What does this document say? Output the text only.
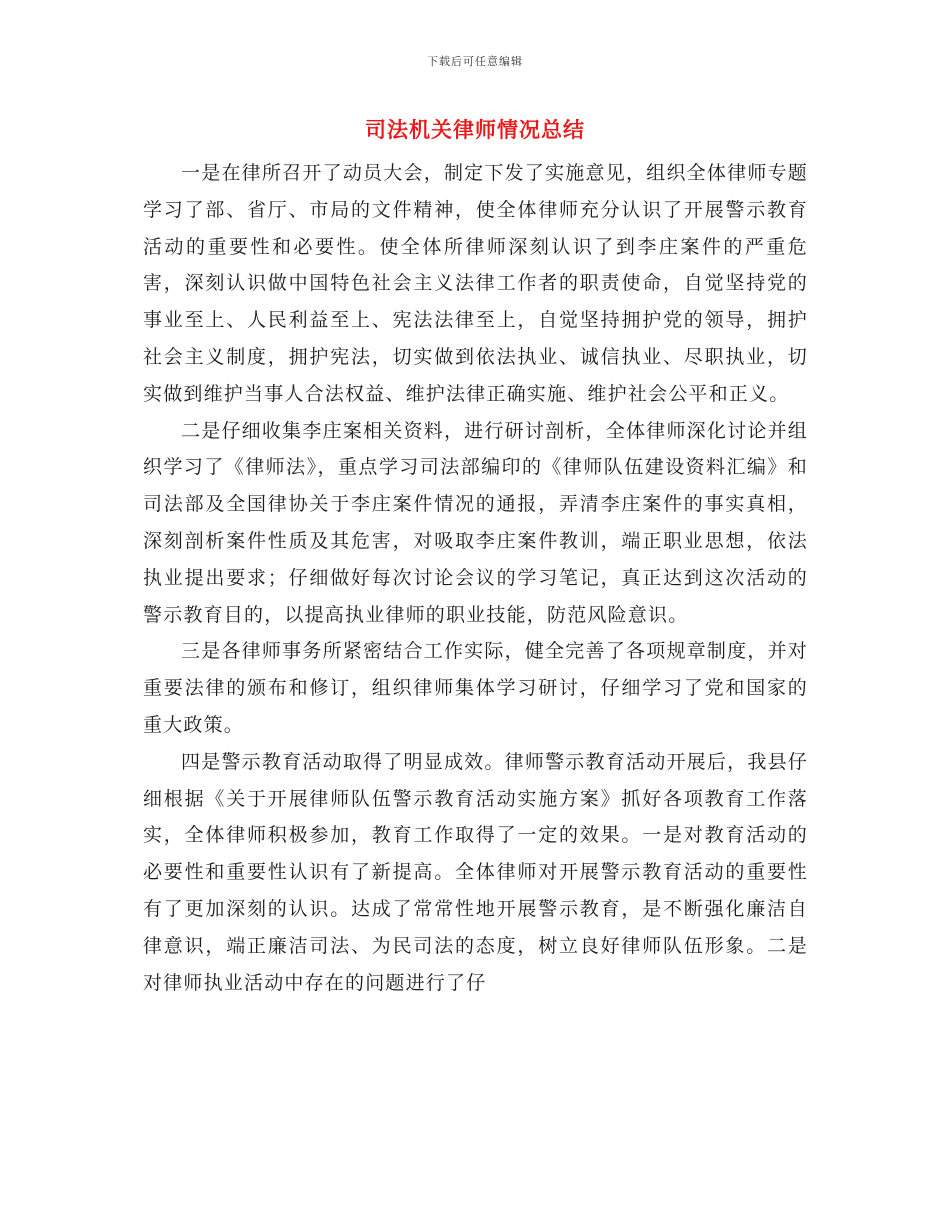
下载后可任意编辑
司法机关律师情况总结

一是在律所召开了动员大会，制定下发了实施意见，组织全体律师专题学习了部、省厅、市局的文件精神，使全体律师充分认识了开展警示教育活动的重要性和必要性。使全体所律师深刻认识了到李庄案件的严重危害，深刻认识做中国特色社会主义法律工作者的职责使命，自觉坚持党的事业至上、人民利益至上、宪法法律至上，自觉坚持拥护党的领导，拥护社会主义制度，拥护宪法，切实做到依法执业、诚信执业、尽职执业，切实做到维护当事人合法权益、维护法律正确实施、维护社会公平和正义。

二是仔细收集李庄案相关资料，进行研讨剖析，全体律师深化讨论并组织学习了《律师法》，重点学习司法部编印的《律师队伍建设资料汇编》和司法部及全国律协关于李庄案件情况的通报，弄清李庄案件的事实真相，深刻剖析案件性质及其危害，对吸取李庄案件教训，端正职业思想，依法执业提出要求；仔细做好每次讨论会议的学习笔记，真正达到这次活动的警示教育目的，以提高执业律师的职业技能，防范风险意识。

三是各律师事务所紧密结合工作实际，健全完善了各项规章制度，并对重要法律的颁布和修订，组织律师集体学习研讨，仔细学习了党和国家的重大政策。

四是警示教育活动取得了明显成效。律师警示教育活动开展后，我县仔细根据《关于开展律师队伍警示教育活动实施方案》抓好各项教育工作落实，全体律师积极参加，教育工作取得了一定的效果。一是对教育活动的必要性和重要性认识有了新提高。全体律师对开展警示教育活动的重要性有了更加深刻的认识。达成了常常性地开展警示教育，是不断强化廉洁自律意识，端正廉洁司法、为民司法的态度，树立良好律师队伍形象。二是对律师执业活动中存在的问题进行了仔
